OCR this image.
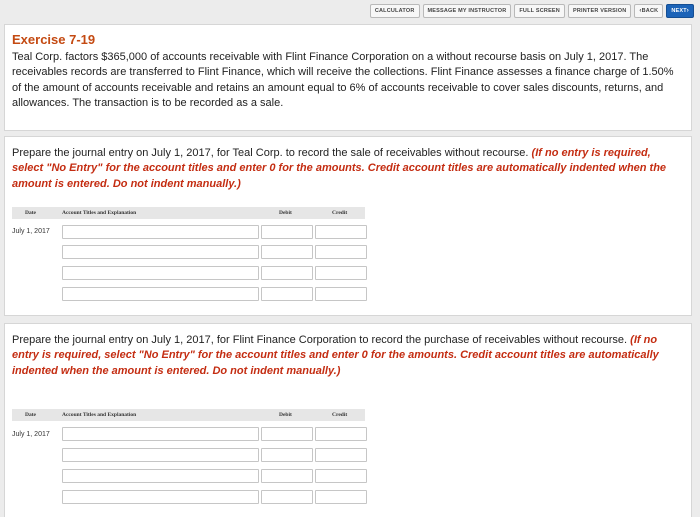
CALCULATOR	MESSAGE MY INSTRUCTOR	FULL SCREEN	PRINTER VERSION	‹BACK	NEXT›
Exercise 7-19
Teal Corp. factors $365,000 of accounts receivable with Flint Finance Corporation on a without recourse basis on July 1, 2017. The receivables records are transferred to Flint Finance, which will receive the collections. Flint Finance assesses a finance charge of 1.50% of the amount of accounts receivable and retains an amount equal to 6% of accounts receivable to cover sales discounts, returns, and allowances. The transaction is to be recorded as a sale.
Prepare the journal entry on July 1, 2017, for Teal Corp. to record the sale of receivables without recourse. (If no entry is required, select "No Entry" for the account titles and enter 0 for the amounts. Credit account titles are automatically indented when the amount is entered. Do not indent manually.)
Date	Account Titles and Explanation	Debit	Credit
July 1, 2017
Prepare the journal entry on July 1, 2017, for Flint Finance Corporation to record the purchase of receivables without recourse. (If no entry is required, select "No Entry" for the account titles and enter 0 for the amounts. Credit account titles are automatically indented when the amount is entered. Do not indent manually.)
Date	Account Titles and Explanation	Debit	Credit
July 1, 2017
